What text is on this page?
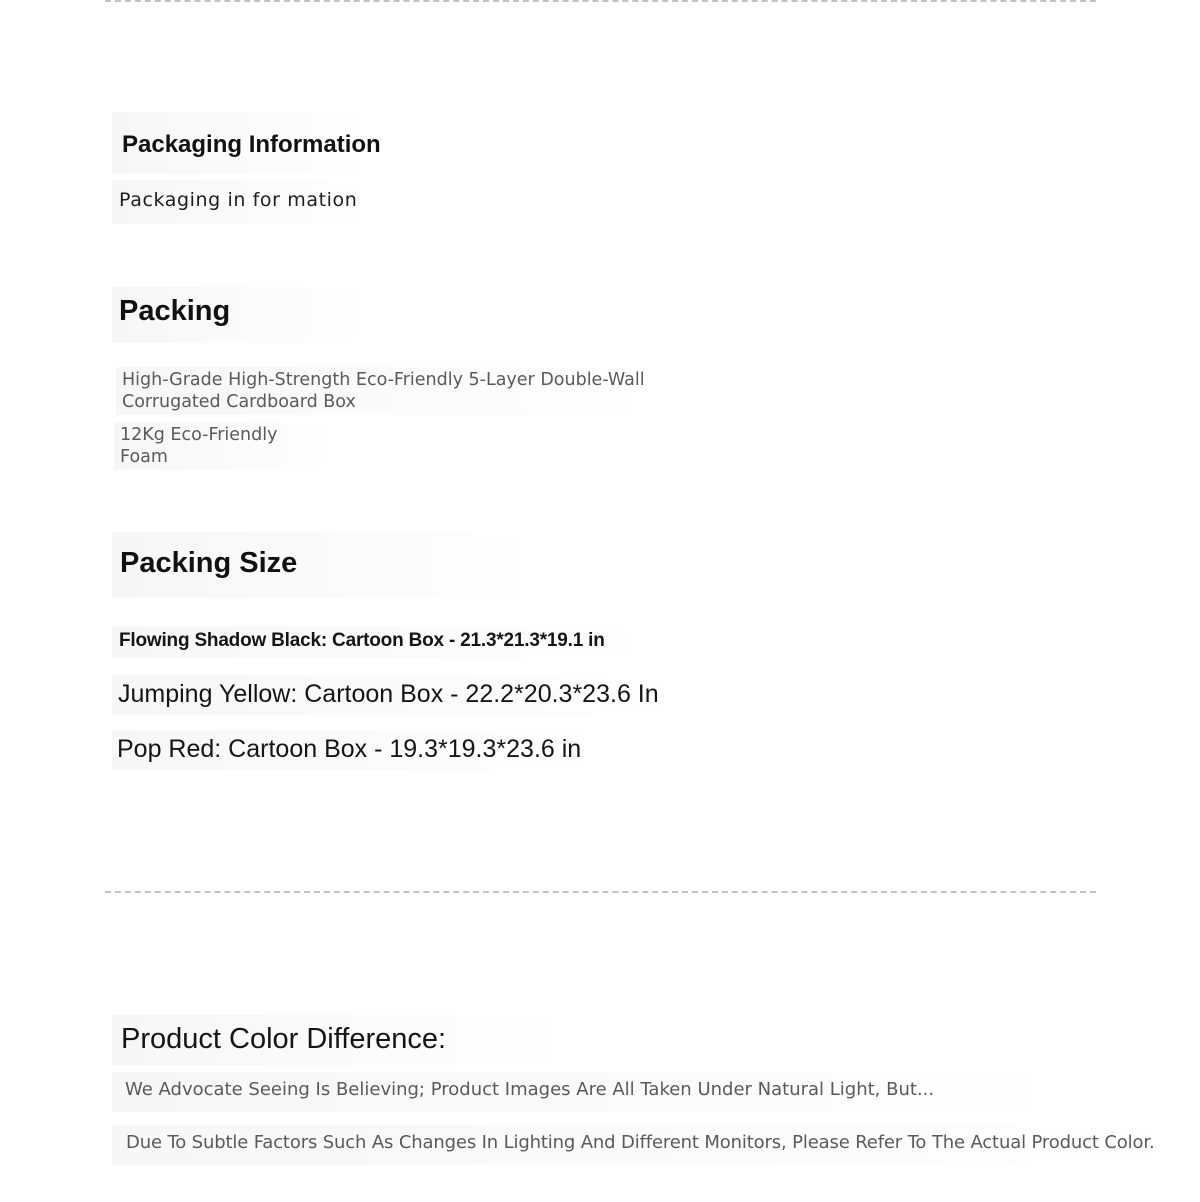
Packaging Information
Packaging in for mation
Packing
High-Grade High-Strength Eco-Friendly 5-Layer Double-Wall
Corrugated Cardboard Box
12Kg Eco-Friendly
Foam
Packing Size
Flowing Shadow Black: Cartoon Box - 21.3*21.3*19.1 in
Jumping Yellow: Cartoon Box - 22.2*20.3*23.6 In
Pop Red: Cartoon Box - 19.3*19.3*23.6 in
Product Color Difference:
We Advocate Seeing Is Believing; Product Images Are All Taken Under Natural Light, But...
Due To Subtle Factors Such As Changes In Lighting And Different Monitors, Please Refer To The Actual Product Color.
